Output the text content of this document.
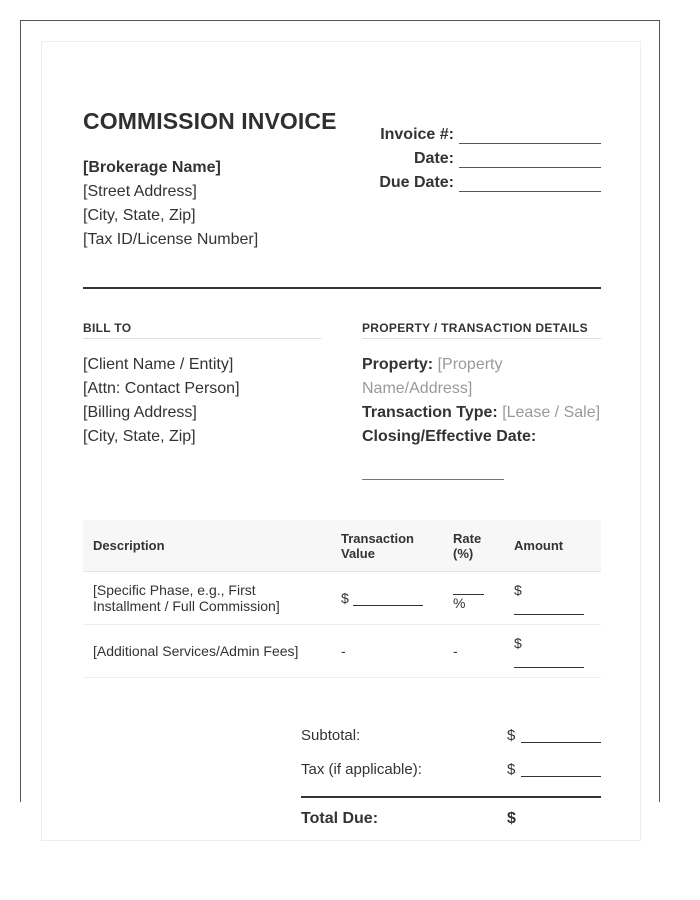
COMMISSION INVOICE
[Brokerage Name]
[Street Address]
[City, State, Zip]
[Tax ID/License Number]
Invoice #:
Date:
Due Date:
BILL TO	PROPERTY / TRANSACTION DETAILS
[Client Name / Entity]
[Attn: Contact Person]
[Billing Address]
[City, State, Zip]
Property: [Property Name/Address]
Transaction Type: [Lease / Sale]
Closing/Effective Date:
Description	Transaction Value	Rate (%)	Amount
[Specific Phase, e.g., First Installment / Full Commission]	$	%	$

[Additional Services/Admin Fees]	-	-	$
Subtotal:	$
Tax (if applicable):	$
Total Due:	$
